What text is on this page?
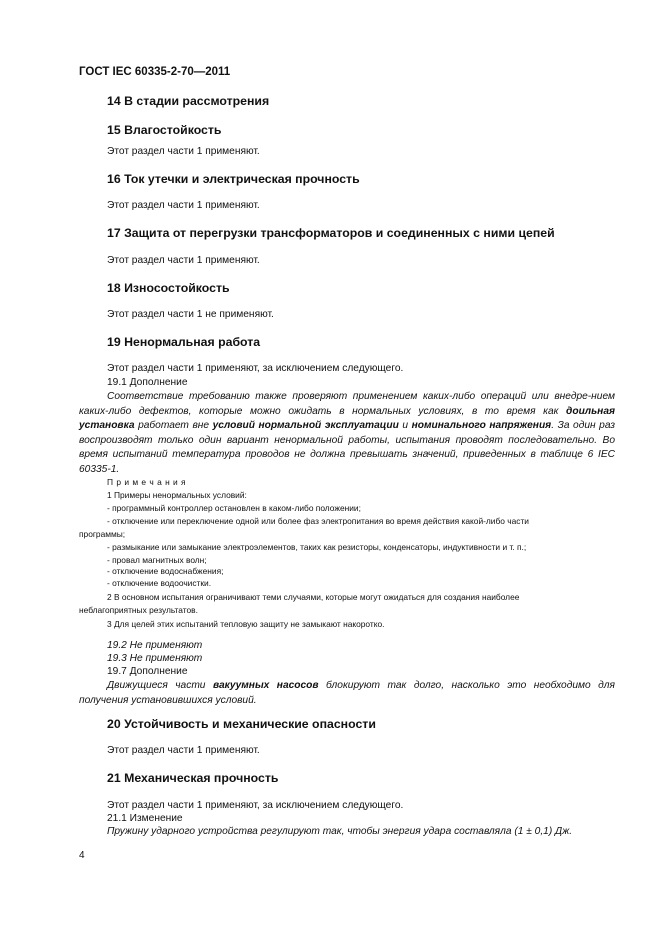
ГОСТ IEC 60335-2-70—2011
14 В стадии рассмотрения
15 Влагостойкость
Этот раздел части 1 применяют.
16 Ток утечки и электрическая прочность
Этот раздел части 1 применяют.
17 Защита от перегрузки трансформаторов и соединенных с ними цепей
Этот раздел части 1 применяют.
18 Износостойкость
Этот раздел части 1 не применяют.
19 Ненормальная работа
Этот раздел части 1 применяют, за исключением следующего.
19.1 Дополнение
Соответствие требованию также проверяют применением каких-либо операций или внедре-нием каких-либо дефектов, которые можно ожидать в нормальных условиях, в то время как доильная установка работает вне условий нормальной эксплуатации и номинального напряжения. За один раз воспроизводят только один вариант ненормальной работы, испытания проводят последовательно. Во время испытаний температура проводов не должна превышать значений, приведенных в таблице 6 IEC 60335-1.
П р и м е ч а н и я
1 Примеры ненормальных условий:
- программный контроллер остановлен в каком-либо положении;
- отключение или переключение одной или более фаз электропитания во время действия какой-либо части
программы;
- размыкание или замыкание электроэлементов, таких как резисторы, конденсаторы, индуктивности и т. п.;
- провал магнитных волн;
- отключение водоснабжения;
- отключение водоочистки.
2 В основном испытания ограничивают теми случаями, которые могут ожидаться для создания наиболее
неблагоприятных результатов.
3 Для целей этих испытаний тепловую защиту не замыкают накоротко.
19.2 Не применяют
19.3 Не применяют
19.7 Дополнение
Движущиеся части вакуумных насосов блокируют так долго, насколько это необходимо для получения установившихся условий.
20 Устойчивость и механические опасности
Этот раздел части 1 применяют.
21 Механическая прочность
Этот раздел части 1 применяют, за исключением следующего.
21.1 Изменение
Пружину ударного устройства регулируют так, чтобы энергия удара составляла (1 ± 0,1) Дж.
4
